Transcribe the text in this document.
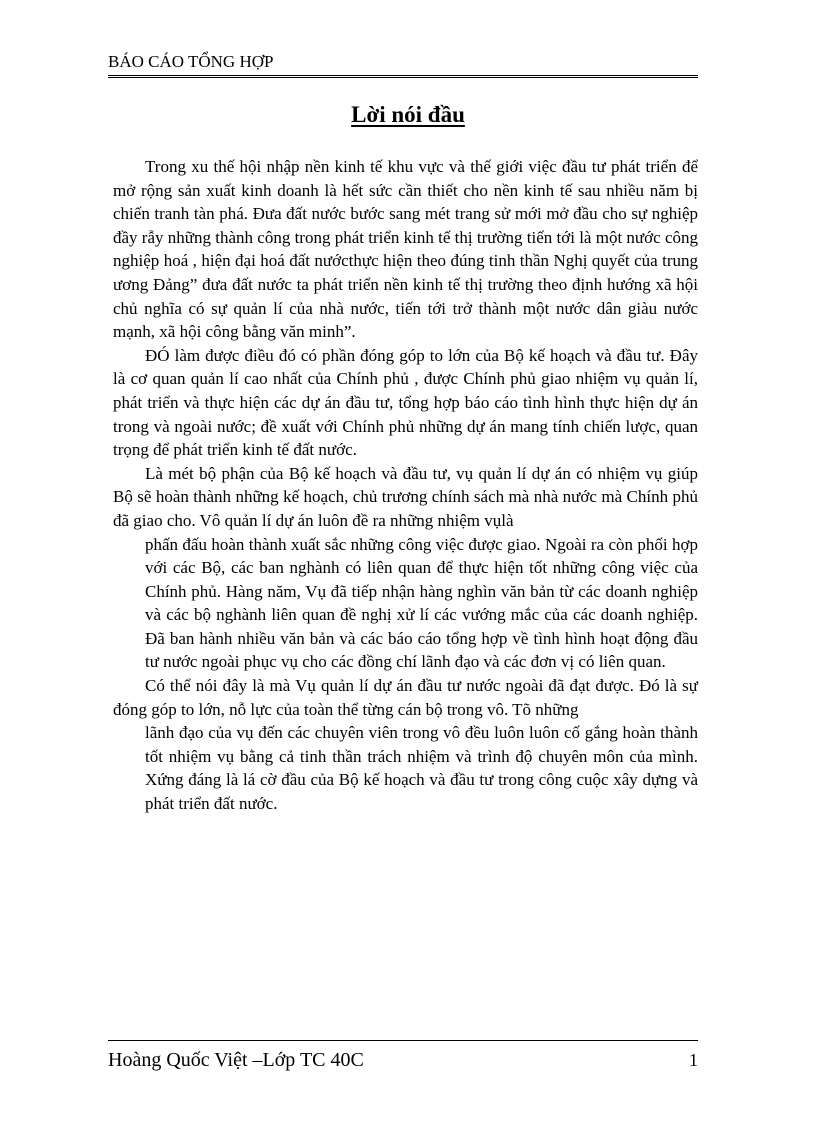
BÁO CÁO TỔNG HỢP
Lời nói đầu

Trong xu thế hội nhập nền kinh tế khu vực và thế giới việc đầu tư phát triển để mở rộng sản xuất kinh doanh là hết sức cần thiết cho nền kinh tế sau nhiều năm bị chiến tranh tàn phá. Đưa đất nước bước sang mét trang sử mới mở đầu cho sự nghiệp đầy rẫy những thành công trong phát triển kinh tế thị trường tiến tới là một nước công nghiệp hoá , hiện đại hoá đất nướcthực hiện theo đúng tinh thần Nghị quyết của trung ương Đảng” đưa đất nước ta phát triển nền kinh tế thị trường theo định hướng xã hội chủ nghĩa có sự quản lí của nhà nước, tiến tới trở thành một nước dân giàu nước mạnh, xã hội công bằng văn minh”.

ĐÓ làm được điều đó có phần đóng góp to lớn của Bộ kế hoạch và đầu tư. Đây là cơ quan quản lí cao nhất của Chính phủ , được Chính phủ giao nhiệm vụ quản lí, phát triển và thực hiện các dự án đầu tư, tổng hợp báo cáo tình hình thực hiện dự án trong và ngoài nước; đề xuất với Chính phủ những dự án mang tính chiến lược, quan trọng để phát triển kinh tế đất nước.

Là mét bộ phận của Bộ kế hoạch và đầu tư, vụ quản lí dự án có nhiệm vụ giúp Bộ sẽ hoàn thành những kế hoạch, chủ trương chính sách mà nhà nước mà Chính phủ đã giao cho. Vô quản lí dự án luôn đề ra những nhiệm vụlà

phấn đấu hoàn thành xuất sắc những công việc được giao. Ngoài ra còn phối hợp với các Bộ, các ban nghành có liên quan để thực hiện tốt những công việc của Chính phủ. Hàng năm, Vụ đã tiếp nhận hàng nghìn văn bản từ các doanh nghiệp và các bộ nghành liên quan đề nghị xử lí các vướng mắc của các doanh nghiệp. Đã ban hành nhiều văn bản và các báo cáo tổng hợp về tình hình hoạt động đầu tư nước ngoài phục vụ cho các đồng chí lãnh đạo và các đơn vị có liên quan.

Có thể nói đây là mà Vụ quản lí dự án đầu tư nước ngoài đã đạt được. Đó là sự đóng góp to lớn, nỗ lực của toàn thể từng cán bộ trong vô. Tõ những

lãnh đạo của vụ đến các chuyên viên trong vô đều luôn luôn cố gắng hoàn thành tốt nhiệm vụ bằng cả tinh thần trách nhiệm và trình độ chuyên môn của mình. Xứng đáng là lá cờ đầu của Bộ kế hoạch và đầu tư trong công cuộc xây dựng và phát triển đất nước.

Hoàng Quốc Việt –Lớp TC 40C	1
